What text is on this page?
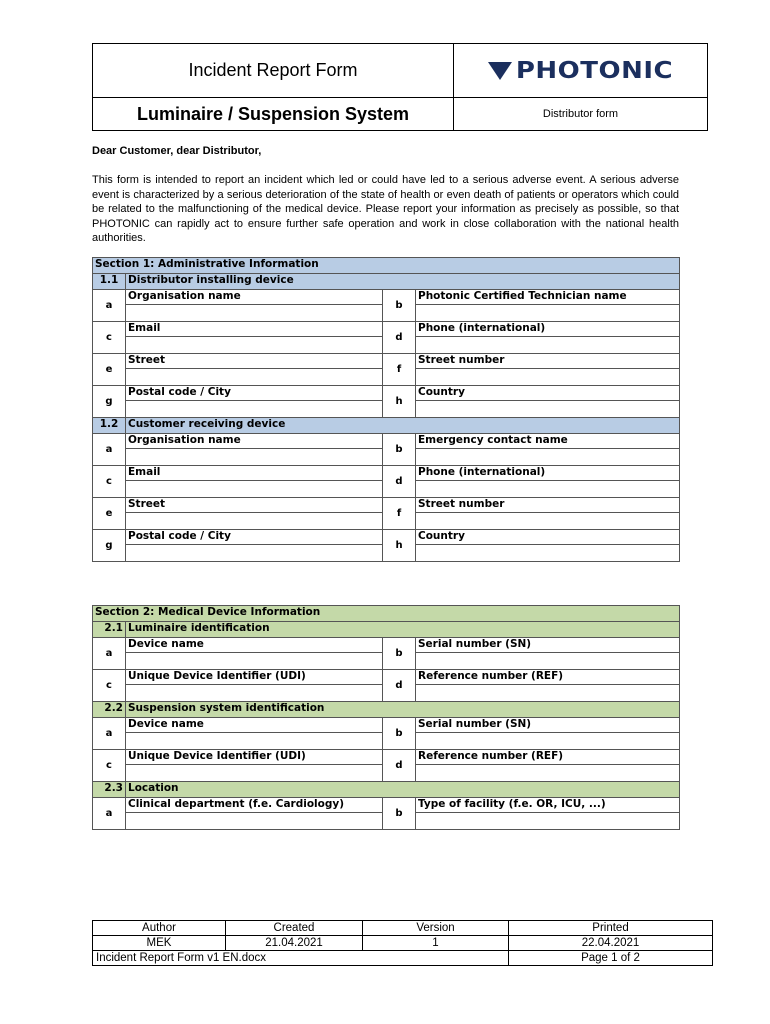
Incident Report Form	PHOTONIC
Luminaire / Suspension System	Distributor form
Dear Customer, dear Distributor,
This form is intended to report an incident which led or could have led to a serious adverse event. A serious adverse event is characterized by a serious deterioration of the state of health or even death of patients or operators which could be related to the malfunctioning of the medical device. Please report your information as precisely as possible, so that PHOTONIC can rapidly act to ensure further safe operation and work in close collaboration with the national health authorities.
Section 1: Administrative Information			
1.1	Distributor installing device		
a	Organisation name	b	Photonic Certified Technician name

c	Email	d	Phone (international)

e	Street	f	Street number

g	Postal code / City	h	Country

1.2	Customer receiving device		
a	Organisation name	b	Emergency contact name

c	Email	d	Phone (international)

e	Street	f	Street number

g	Postal code / City	h	Country

Section 2: Medical Device Information			
2.1	Luminaire identification		
a	Device name	b	Serial number (SN)

c	Unique Device Identifier (UDI)	d	Reference number (REF)

2.2	Suspension system identification		
a	Device name	b	Serial number (SN)

c	Unique Device Identifier (UDI)	d	Reference number (REF)

2.3	Location		
a	Clinical department (f.e. Cardiology)	b	Type of facility (f.e. OR, ICU, ...)

Author	Created	Version	Printed
MEK	21.04.2021	1	22.04.2021
Incident Report Form v1 EN.docx			Page 1 of 2
